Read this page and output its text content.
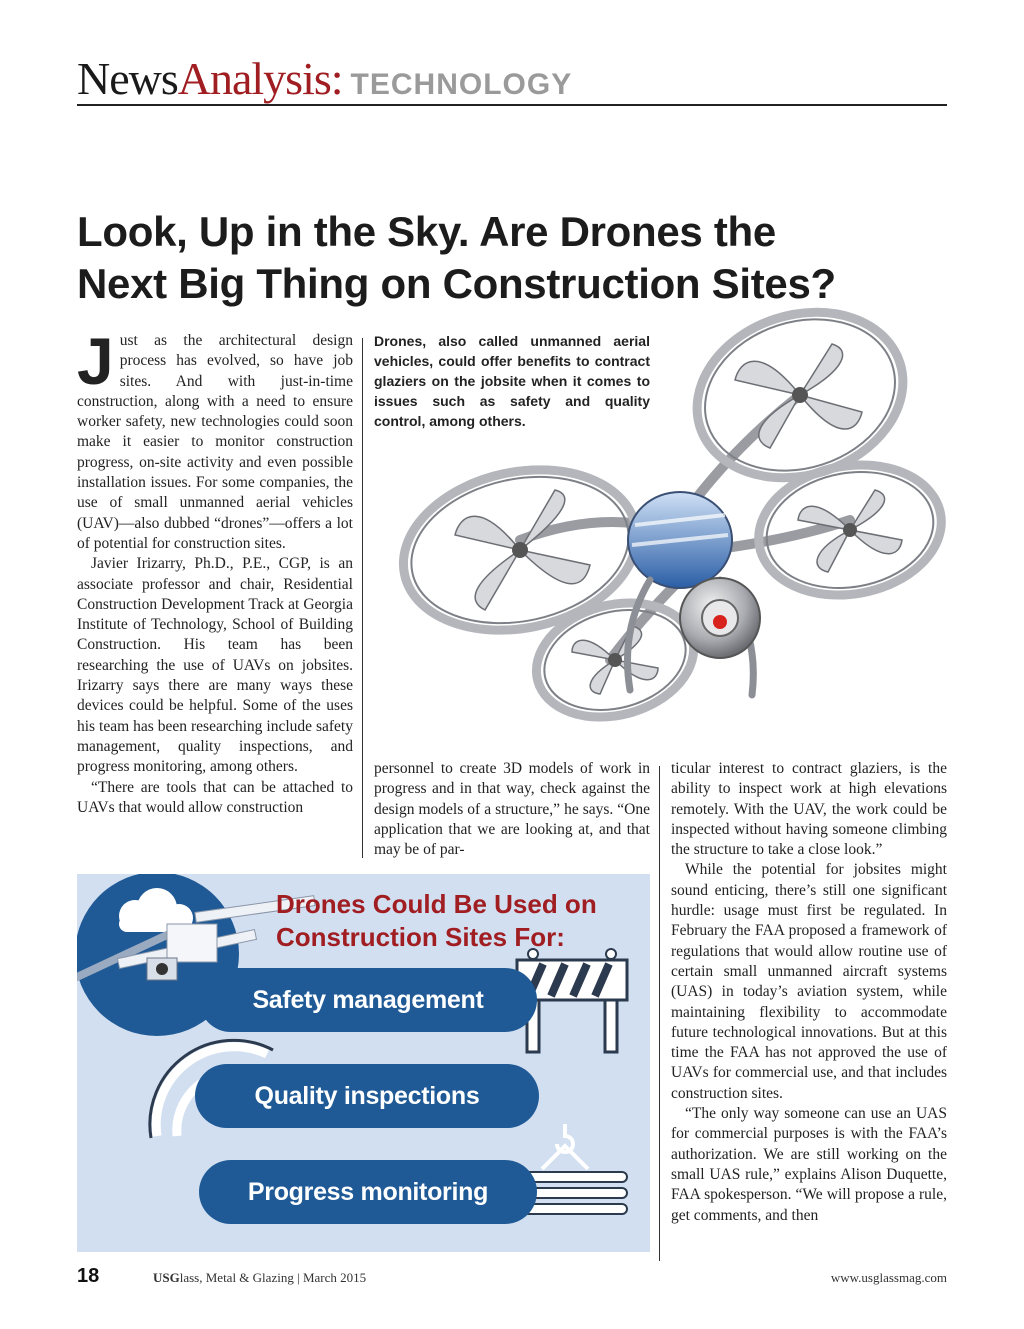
NewsAnalysis: TECHNOLOGY
Look, Up in the Sky. Are Drones the
Next Big Thing on Construction Sites?

Just as the architectural design process has evolved, so have job sites. And with just-in-time construction, along with a need to ensure worker safety, new technologies could soon make it easier to monitor construction progress, on-site activity and even possible installation issues. For some companies, the use of small unmanned aerial vehicles (UAV)—also dubbed “drones”—offers a lot of potential for construction sites.

Javier Irizarry, Ph.D., P.E., CGP, is an associate professor and chair, Residential Construction Development Track at Georgia Institute of Technology, School of Building Construction. His team has been researching the use of UAVs on jobsites. Irizarry says there are many ways these devices could be helpful. Some of the uses his team has been researching include safety management, quality inspections, and progress monitoring, among others.

“There are tools that can be attached to UAVs that would allow construction

Drones, also called unmanned aerial vehicles, could offer benefits to contract glaziers on the jobsite when it comes to issues such as safety and quality control, among others.

personnel to create 3D models of work in progress and in that way, check against the design models of a structure,” he says. “One application that we are looking at, and that may be of par-

ticular interest to contract glaziers, is the ability to inspect work at high elevations remotely. With the UAV, the work could be inspected without having someone climbing the structure to take a close look.”

While the potential for jobsites might sound enticing, there’s still one significant hurdle: usage must first be regulated. In February the FAA proposed a framework of regulations that would allow routine use of certain small unmanned aircraft systems (UAS) in today’s aviation system, while maintaining flexibility to accommodate future technological innovations. But at this time the FAA has not approved the use of UAVs for commercial use, and that includes construction sites.

“The only way someone can use an UAS for commercial purposes is with the FAA’s authorization. We are still working on the small UAS rule,” explains Alison Duquette, FAA spokesperson. “We will propose a rule, get comments, and then

Drones Could Be Used on
Construction Sites For:
Safety management
Quality inspections
Progress monitoring
18	USGlass, Metal & Glazing | March 2015	www.usglassmag.com
